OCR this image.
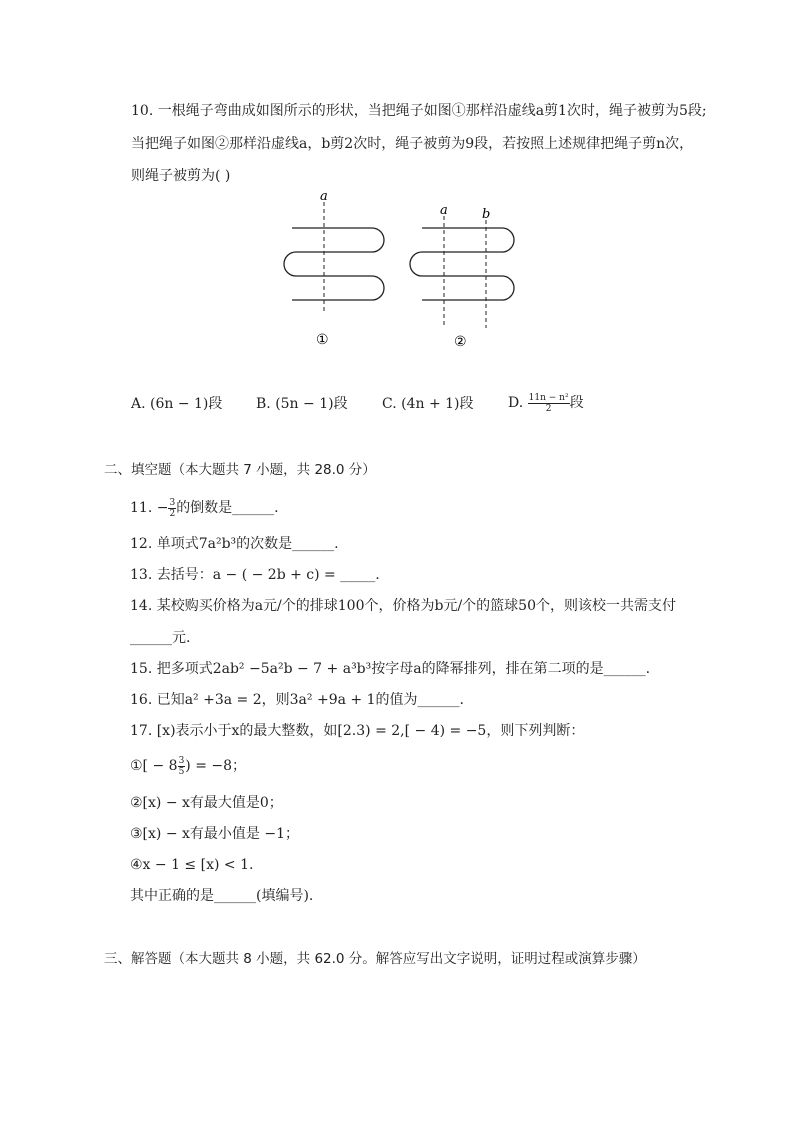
10. 一根绳子弯曲成如图所示的形状，当把绳子如图①那样沿虚线a剪1次时，绳子被剪为5段;
当把绳子如图②那样沿虚线a，b剪2次时，绳子被剪为9段，若按照上述规律把绳子剪n次，
则绳子被剪为( )
a
①
a	b
②
A. (6n − 1)段 B. (5n − 1)段 C. (4n + 1)段 D. $\frac{\text{11n − n²}}{2}$ 段
二、填空题（本大题共 7 小题，共 28.0 分）
11. − $\frac{3}{2}$ 的倒数是______.
12. 单项式7a²b³的次数是______.
13. 去括号：a − ( − 2b + c) = _____.
14. 某校购买价格为a元/个的排球100个，价格为b元/个的篮球50个，则该校一共需支付
______元.
15. 把多项式2ab² −5a²b − 7 + a³b³按字母a的降幂排列，排在第二项的是______.
16. 已知a² +3a = 2，则3a² +9a + 1的值为______.
17. [x)表示小于x的最大整数，如[2.3) = 2,[ − 4) = −5，则下列判断：
①[ − $8 \frac{3}{5}$ ) = −8；
②[x) − x有最大值是0；
③[x) − x有最小值是 −1；
④x − 1 ≤ [x) < 1.
其中正确的是______(填编号).
三、解答题（本大题共 8 小题，共 62.0 分。解答应写出文字说明，证明过程或演算步骤）
